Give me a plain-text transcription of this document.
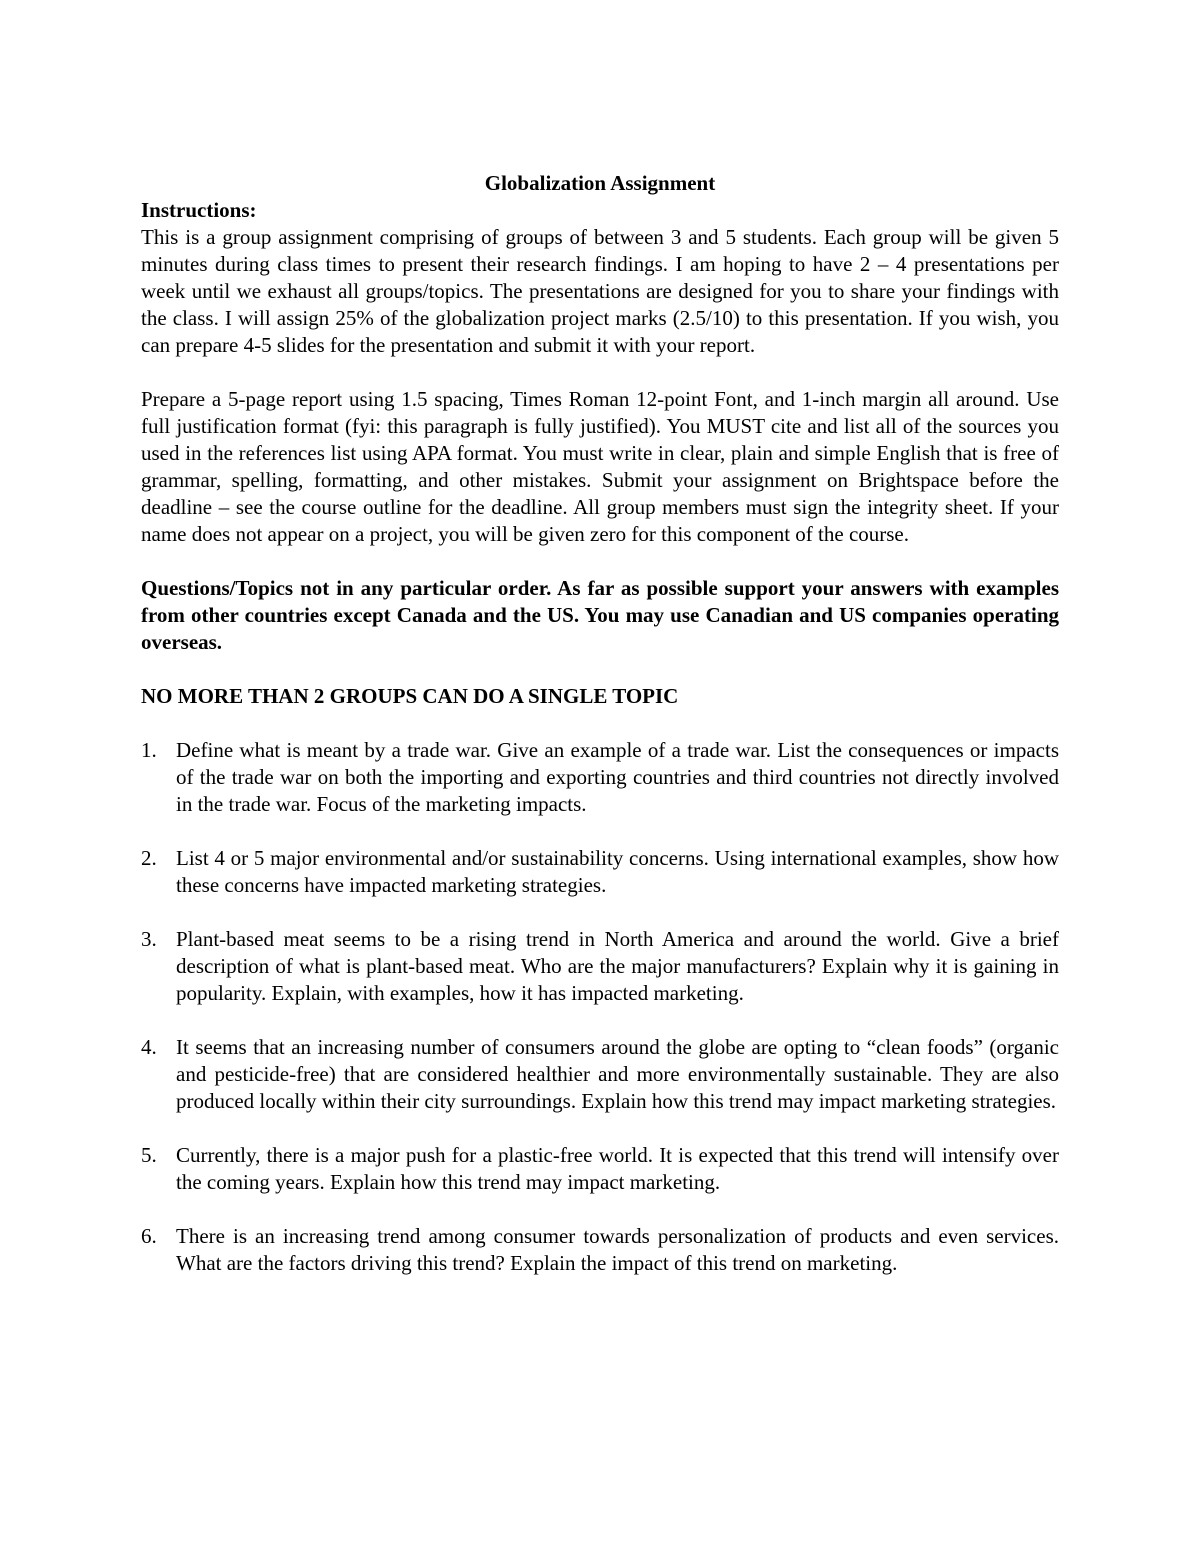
Globalization Assignment

Instructions:

This is a group assignment comprising of groups of between 3 and 5 students. Each group will be given 5 minutes during class times to present their research findings. I am hoping to have 2 – 4 presentations per week until we exhaust all groups/topics. The presentations are designed for you to share your findings with the class. I will assign 25% of the globalization project marks (2.5/10) to this presentation. If you wish, you can prepare 4-5 slides for the presentation and submit it with your report.

Prepare a 5-page report using 1.5 spacing, Times Roman 12-point Font, and 1-inch margin all around. Use full justification format (fyi: this paragraph is fully justified). You MUST cite and list all of the sources you used in the references list using APA format. You must write in clear, plain and simple English that is free of grammar, spelling, formatting, and other mistakes. Submit your assignment on Brightspace before the deadline – see the course outline for the deadline. All group members must sign the integrity sheet. If your name does not appear on a project, you will be given zero for this component of the course.

Questions/Topics not in any particular order. As far as possible support your answers with examples from other countries except Canada and the US. You may use Canadian and US companies operating overseas.

NO MORE THAN 2 GROUPS CAN DO A SINGLE TOPIC

1. Define what is meant by a trade war. Give an example of a trade war. List the consequences or impacts of the trade war on both the importing and exporting countries and third countries not directly involved in the trade war. Focus of the marketing impacts.
2. List 4 or 5 major environmental and/or sustainability concerns. Using international examples, show how these concerns have impacted marketing strategies.
3. Plant-based meat seems to be a rising trend in North America and around the world. Give a brief description of what is plant-based meat. Who are the major manufacturers? Explain why it is gaining in popularity. Explain, with examples, how it has impacted marketing.
4. It seems that an increasing number of consumers around the globe are opting to “clean foods” (organic and pesticide-free) that are considered healthier and more environmentally sustainable. They are also produced locally within their city surroundings. Explain how this trend may impact marketing strategies.
5. Currently, there is a major push for a plastic-free world. It is expected that this trend will intensify over the coming years. Explain how this trend may impact marketing.
6. There is an increasing trend among consumer towards personalization of products and even services. What are the factors driving this trend? Explain the impact of this trend on marketing.
